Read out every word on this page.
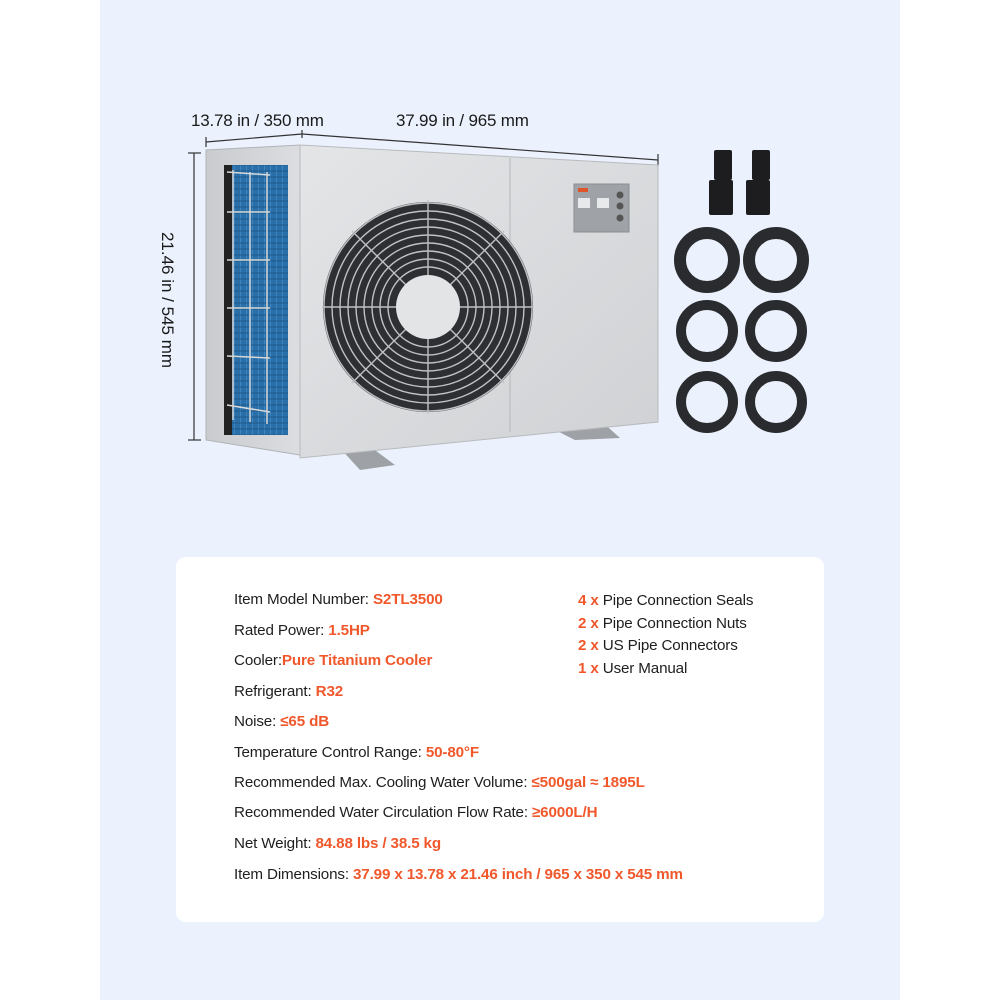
13.78 in / 350 mm	37.99 in / 965 mm
21.46 in / 545 mm
Item Model Number: S2TL3500
Rated Power: 1.5HP
Cooler:Pure Titanium Cooler
Refrigerant: R32
Noise: ≤65 dB
Temperature Control Range: 50-80°F
Recommended Max. Cooling Water Volume: ≤500gal ≈ 1895L
Recommended Water Circulation Flow Rate: ≥6000L/H
Net Weight: 84.88 lbs / 38.5 kg
Item Dimensions: 37.99 x 13.78 x 21.46 inch / 965 x 350 x 545 mm
4 x Pipe Connection Seals
2 x Pipe Connection Nuts
2 x US Pipe Connectors
1 x User Manual
